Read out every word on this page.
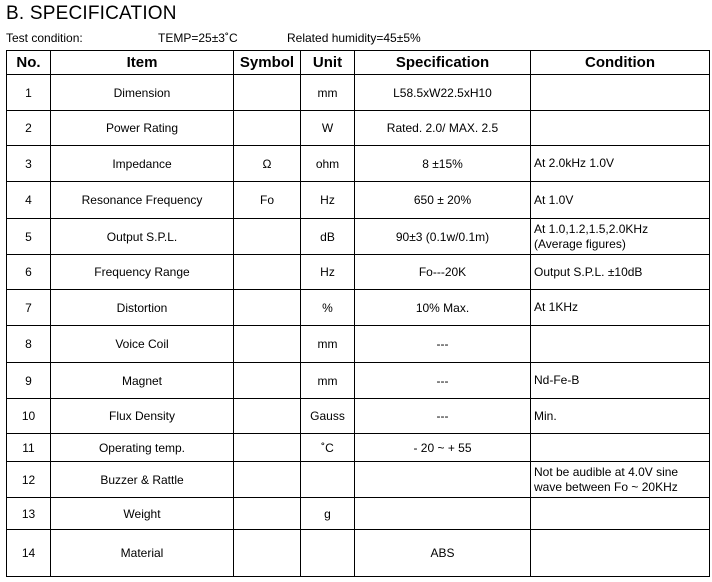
B. SPECIFICATION
Test condition:	TEMP=25±3˚C	Related humidity=45±5%
No.	Item	Symbol	Unit	Specification	Condition
1	Dimension		mm	L58.5xW22.5xH10	
2	Power Rating		W	Rated. 2.0/ MAX. 2.5	
3	Impedance	Ω	ohm	8 ±15%	At 2.0kHz 1.0V
4	Resonance Frequency	Fo	Hz	650 ± 20%	At 1.0V
5	Output S.P.L.		dB	90±3 (0.1w/0.1m)	At 1.0,1.2,1.5,2.0KHz
(Average figures)
6	Frequency Range		Hz	Fo---20K	Output S.P.L. ±10dB
7	Distortion		%	10% Max.	At 1KHz
8	Voice Coil		mm	---	
9	Magnet		mm	---	Nd-Fe-B
10	Flux Density		Gauss	---	Min.
11	Operating temp.		˚C	- 20 ~ + 55	
12	Buzzer & Rattle				Not be audible at 4.0V sine
wave between Fo ~ 20KHz
13	Weight		g		
14	Material			ABS	
